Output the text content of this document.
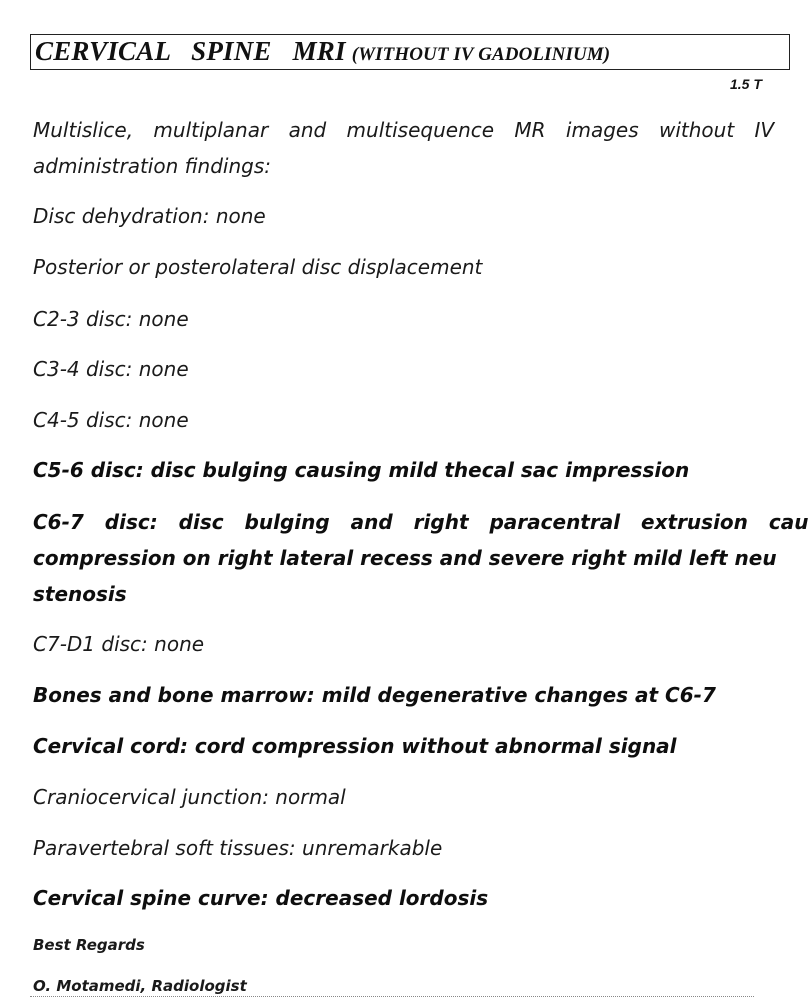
CERVICAL SPINE MRI (WITHOUT IV GADOLINIUM)
1.5 T
Multislice, multiplanar and multisequence MR images without IV
administration findings:
Disc dehydration: none
Posterior or posterolateral disc displacement
C2-3 disc: none
C3-4 disc: none
C4-5 disc: none
C5-6 disc: disc bulging causing mild thecal sac impression
C6-7 disc: disc bulging and right paracentral extrusion cau
compression on right lateral recess and severe right mild left neu
stenosis
C7-D1 disc: none
Bones and bone marrow: mild degenerative changes at C6-7
Cervical cord: cord compression without abnormal signal
Craniocervical junction: normal
Paravertebral soft tissues: unremarkable
Cervical spine curve: decreased lordosis
Best Regards
O. Motamedi, Radiologist
